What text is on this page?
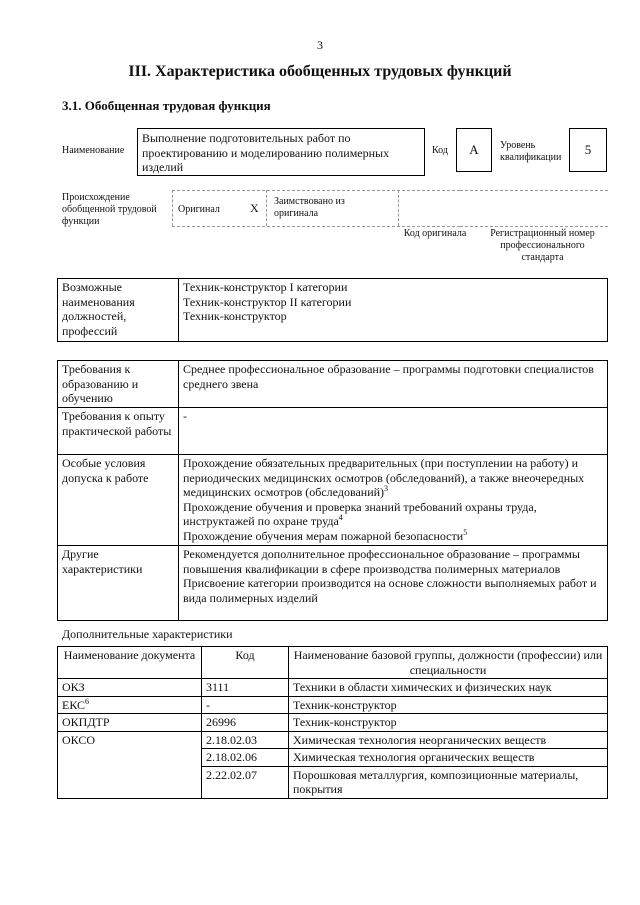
3
III. Характеристика обобщенных трудовых функций
3.1. Обобщенная трудовая функция
Наименование
Выполнение подготовительных работ по проектированию и моделированию полимерных изделий
Код	А	Уровень квалификации
5
Происхождение обобщенной трудовой функции
Оригинал	Х Заимствовано из оригинала
Код оригинала	Регистрационный номер профессионального стандарта
Возможные наименования должностей, профессий	
Техник-конструктор I категории
Техник-конструктор II категории
Техник-конструктор
Требования к образованию и обучению	Среднее профессиональное образование – программы подготовки специалистов среднего звена
Требования к опыту практической работы	-
Особые условия допуска к работе	Прохождение обязательных предварительных (при поступлении на работу) и периодических медицинских осмотров (обследований), а также внеочередных медицинских осмотров (обследований)$^3$
Прохождение обучения и проверка знаний требований охраны труда, инструктажей по охране труда$^4$
Прохождение обучения мерам пожарной безопасности$^5$

Другие характеристики	Рекомендуется дополнительное профессиональное образование – программы повышения квалификации в сфере производства полимерных материалов
Присвоение категории производится на основе сложности выполняемых работ и вида полимерных изделий
Дополнительные характеристики
Наименование документа	Код	Наименование базовой группы, должности (профессии) или специальности
ОКЗ	3111	Техники в области химических и физических наук
ЕКС$^6$	-	Техник-конструктор
ОКПДТР	26996	Техник-конструктор
ОКСО	2.18.02.03	Химическая технология неорганических веществ
	2.18.02.06	Химическая технология органических веществ
	2.22.02.07	Порошковая металлургия, композиционные материалы, покрытия
